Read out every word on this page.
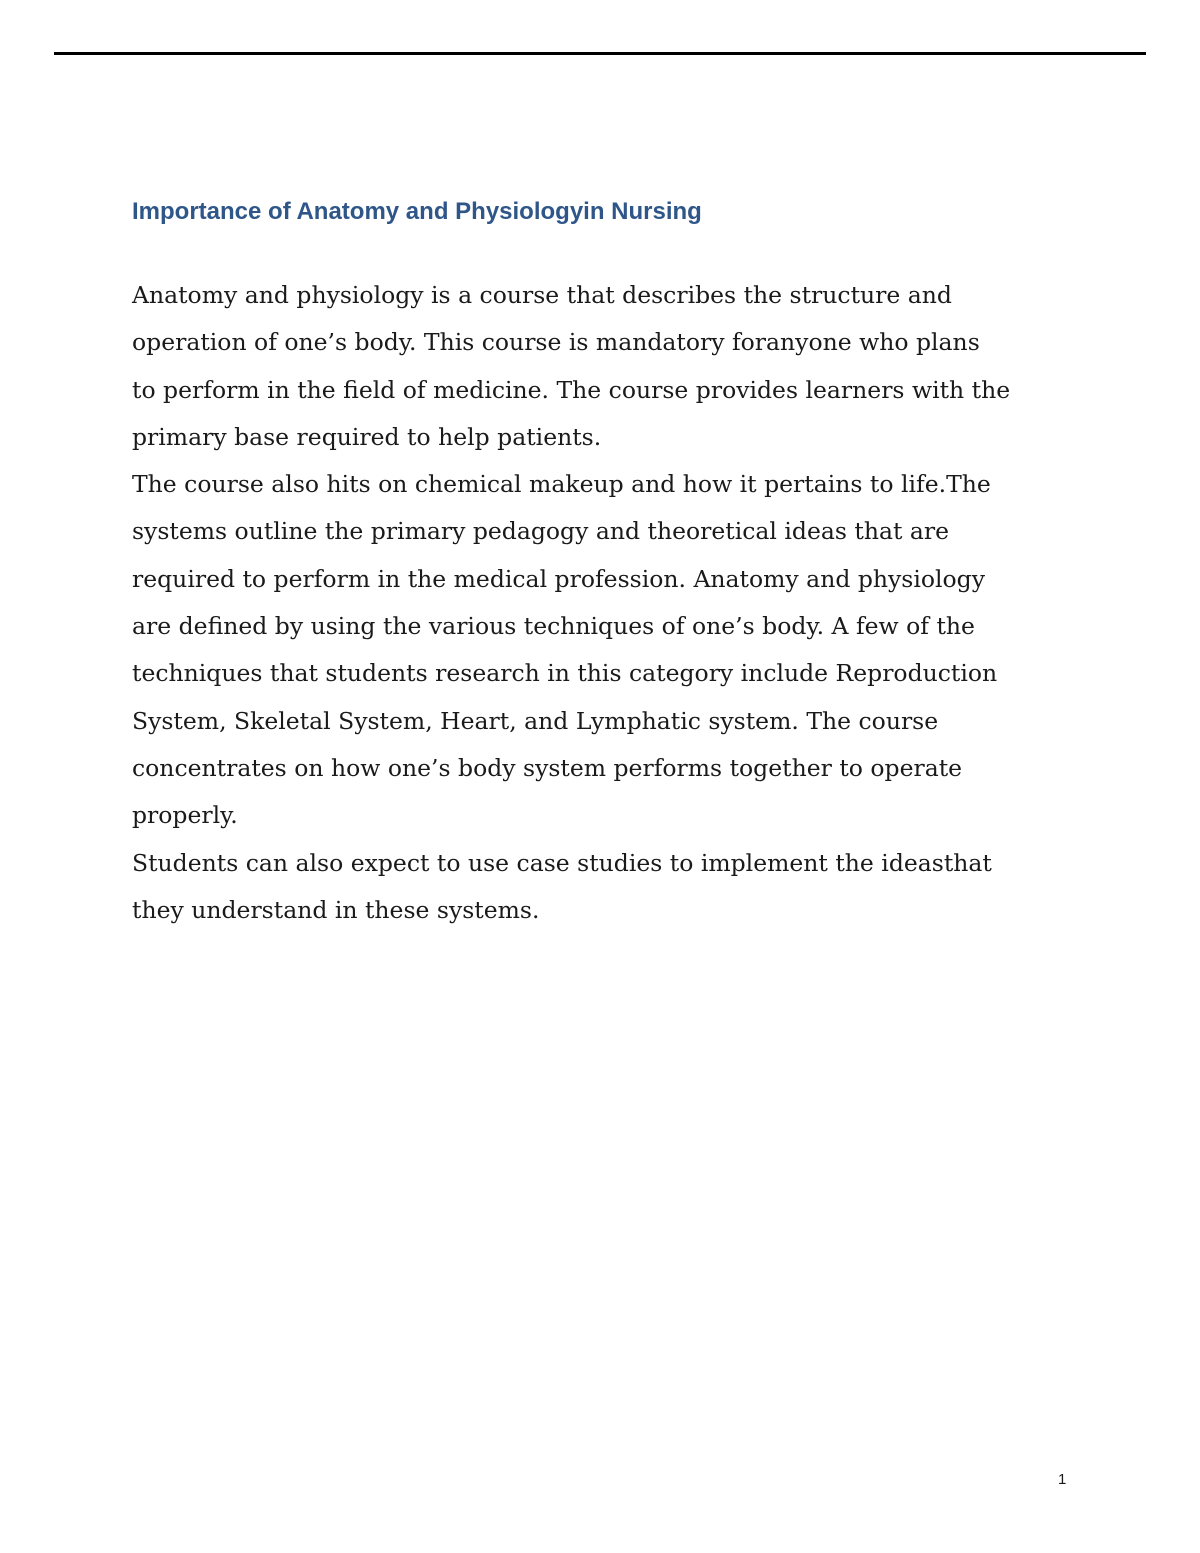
Importance of Anatomy and Physiologyin Nursing

Anatomy and physiology is a course that describes the structure and

operation of one’s body. This course is mandatory foranyone who plans

to perform in the field of medicine. The course provides learners with the

primary base required to help patients.

The course also hits on chemical makeup and how it pertains to life.The

systems outline the primary pedagogy and theoretical ideas that are

required to perform in the medical profession. Anatomy and physiology

are defined by using the various techniques of one’s body. A few of the

techniques that students research in this category include Reproduction

System, Skeletal System, Heart, and Lymphatic system. The course

concentrates on how one’s body system performs together to operate

properly.

Students can also expect to use case studies to implement the ideasthat

they understand in these systems.

1
